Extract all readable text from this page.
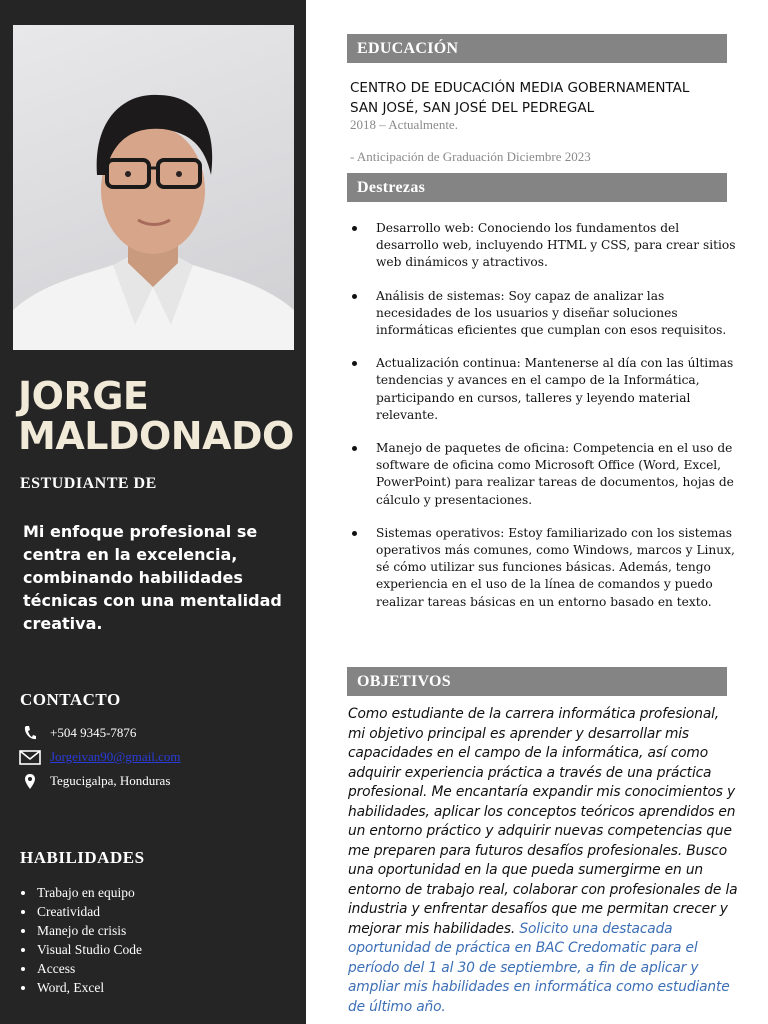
JORGE
MALDONADO
ESTUDIANTE DE
Mi enfoque profesional se centra en la excelencia, combinando habilidades técnicas con una mentalidad creativa.
CONTACTO
+504 9345-7876
Jorgeivan90@gmail.com
Tegucigalpa, Honduras
HABILIDADES
Trabajo en equipo
Creatividad
Manejo de crisis
Visual Studio Code
Access
Word, Excel
EDUCACIÓN
CENTRO DE EDUCACIÓN MEDIA GOBERNAMENTAL
SAN JOSÉ, SAN JOSÉ DEL PEDREGAL
2018 – Actualmente.
- Anticipación de Graduación Diciembre 2023
Destrezas
Desarrollo web: Conociendo los fundamentos del desarrollo web, incluyendo HTML y CSS, para crear sitios web dinámicos y atractivos.
Análisis de sistemas: Soy capaz de analizar las necesidades de los usuarios y diseñar soluciones informáticas eficientes que cumplan con esos requisitos.
Actualización continua: Mantenerse al día con las últimas tendencias y avances en el campo de la Informática, participando en cursos, talleres y leyendo material relevante.
Manejo de paquetes de oficina: Competencia en el uso de software de oficina como Microsoft Office (Word, Excel, PowerPoint) para realizar tareas de documentos, hojas de cálculo y presentaciones.
Sistemas operativos: Estoy familiarizado con los sistemas operativos más comunes, como Windows, marcos y Linux, sé cómo utilizar sus funciones básicas. Además, tengo experiencia en el uso de la línea de comandos y puedo realizar tareas básicas en un entorno basado en texto.
OBJETIVOS
Como estudiante de la carrera informática profesional, mi objetivo principal es aprender y desarrollar mis capacidades en el campo de la informática, así como adquirir experiencia práctica a través de una práctica profesional. Me encantaría expandir mis conocimientos y habilidades, aplicar los conceptos teóricos aprendidos en un entorno práctico y adquirir nuevas competencias que me preparen para futuros desafíos profesionales. Busco una oportunidad en la que pueda sumergirme en un entorno de trabajo real, colaborar con profesionales de la industria y enfrentar desafíos que me permitan crecer y mejorar mis habilidades. Solicito una destacada oportunidad de práctica en BAC Credomatic para el período del 1 al 30 de septiembre, a fin de aplicar y ampliar mis habilidades en informática como estudiante de último año.
